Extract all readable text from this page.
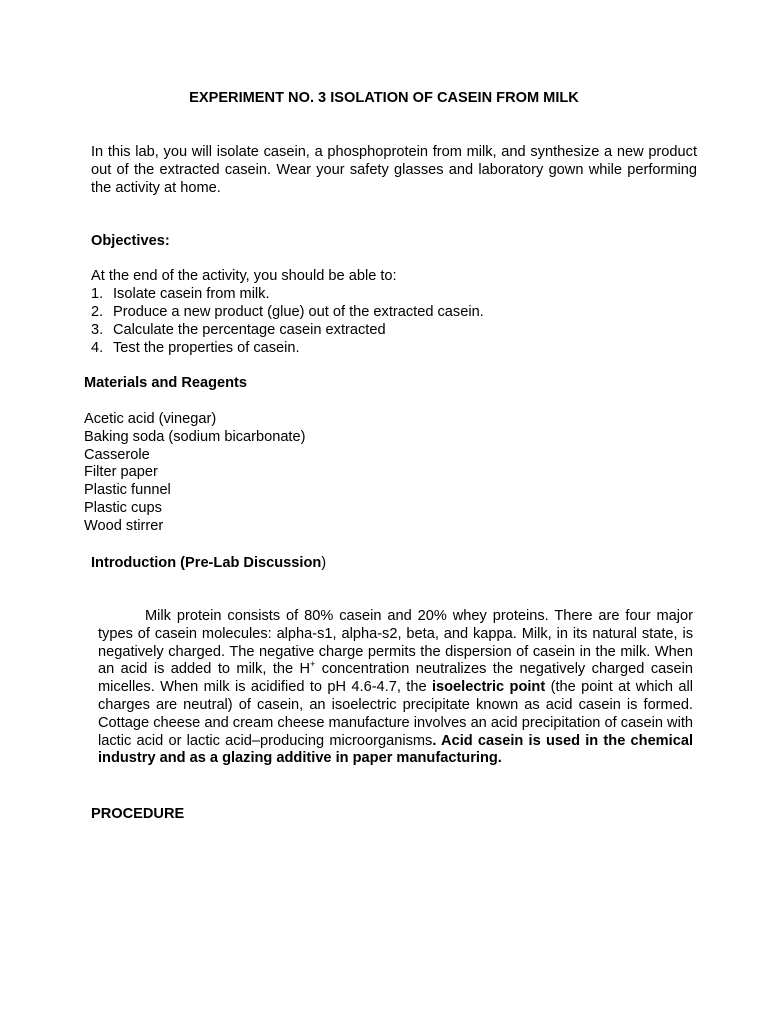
EXPERIMENT NO. 3 ISOLATION OF CASEIN FROM MILK

In this lab, you will isolate casein, a phosphoprotein from milk, and synthesize a new product out of the extracted casein. Wear your safety glasses and laboratory gown while performing the activity at home.

Objectives:

At the end of the activity, you should be able to:

1. Isolate casein from milk.
2. Produce a new product (glue) out of the extracted casein.
3. Calculate the percentage casein extracted
4. Test the properties of casein.

Materials and Reagents

Acetic acid (vinegar)
Baking soda (sodium bicarbonate)
Casserole
Filter paper
Plastic funnel
Plastic cups
Wood stirrer

Introduction (Pre-Lab Discussion)

Milk protein consists of 80% casein and 20% whey proteins. There are four major types of casein molecules: alpha-s1, alpha-s2, beta, and kappa. Milk, in its natural state, is negatively charged. The negative charge permits the dispersion of casein in the milk. When an acid is added to milk, the H+ concentration neutralizes the negatively charged casein micelles. When milk is acidified to pH 4.6-4.7, the isoelectric point (the point at which all charges are neutral) of casein, an isoelectric precipitate known as acid casein is formed. Cottage cheese and cream cheese manufacture involves an acid precipitation of casein with lactic acid or lactic acid–producing microorganisms. Acid casein is used in the chemical industry and as a glazing additive in paper manufacturing.

PROCEDURE
